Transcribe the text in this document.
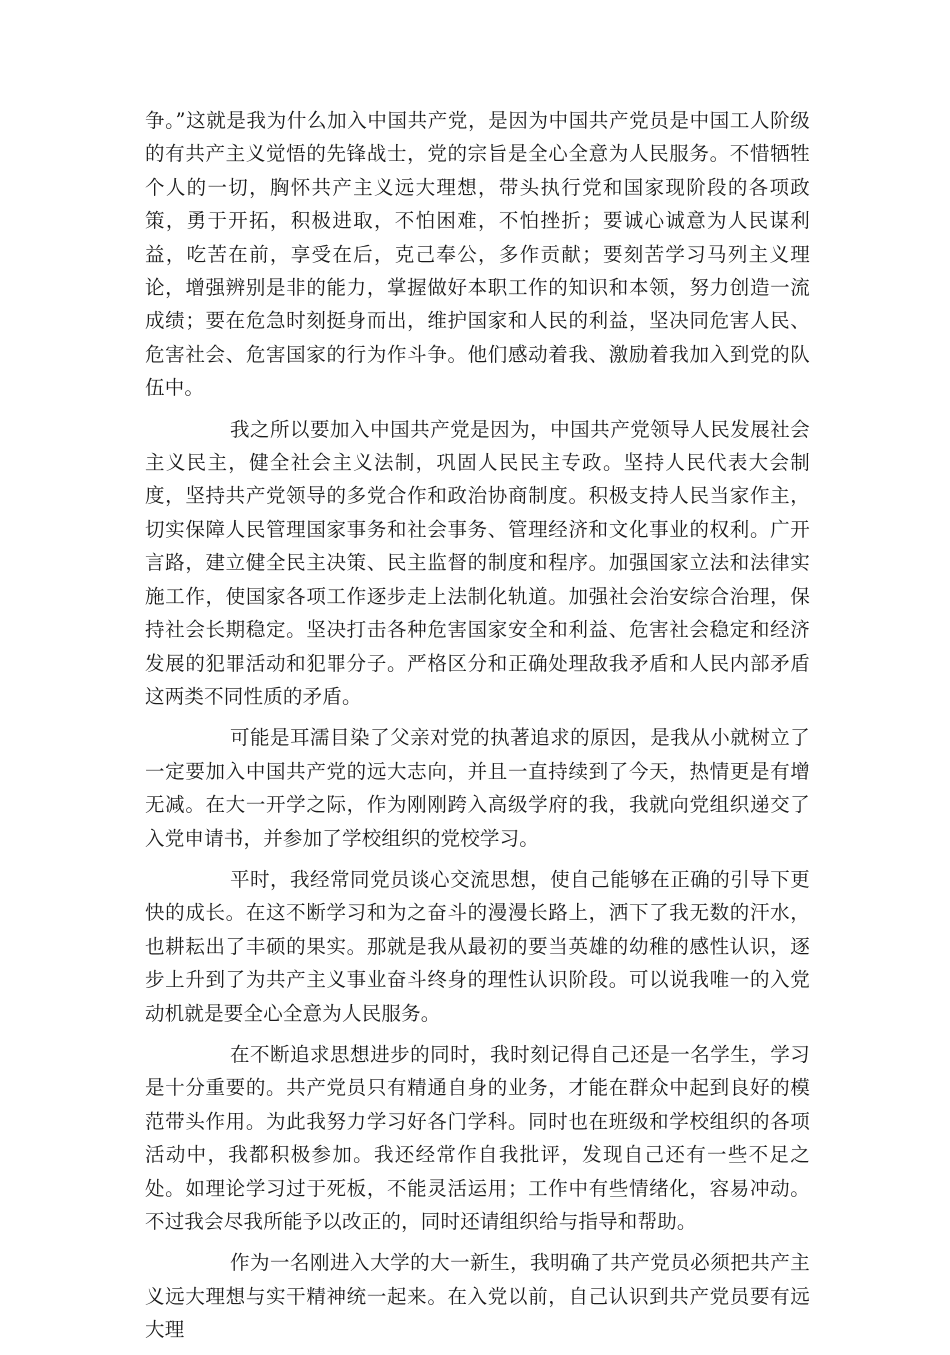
争。”这就是我为什么加入中国共产党，是因为中国共产党员是中国工人阶级的有共产主义觉悟的先锋战士，党的宗旨是全心全意为人民服务。不惜牺牲个人的一切，胸怀共产主义远大理想，带头执行党和国家现阶段的各项政策，勇于开拓，积极进取，不怕困难，不怕挫折；要诚心诚意为人民谋利益，吃苦在前，享受在后，克己奉公，多作贡献；要刻苦学习马列主义理论，增强辨别是非的能力，掌握做好本职工作的知识和本领，努力创造一流成绩；要在危急时刻挺身而出，维护国家和人民的利益，坚决同危害人民、危害社会、危害国家的行为作斗争。他们感动着我、激励着我加入到党的队伍中。

我之所以要加入中国共产党是因为，中国共产党领导人民发展社会主义民主，健全社会主义法制，巩固人民民主专政。坚持人民代表大会制度，坚持共产党领导的多党合作和政治协商制度。积极支持人民当家作主，切实保障人民管理国家事务和社会事务、管理经济和文化事业的权利。广开言路，建立健全民主决策、民主监督的制度和程序。加强国家立法和法律实施工作，使国家各项工作逐步走上法制化轨道。加强社会治安综合治理，保持社会长期稳定。坚决打击各种危害国家安全和利益、危害社会稳定和经济发展的犯罪活动和犯罪分子。严格区分和正确处理敌我矛盾和人民内部矛盾这两类不同性质的矛盾。

可能是耳濡目染了父亲对党的执著追求的原因，是我从小就树立了一定要加入中国共产党的远大志向，并且一直持续到了今天，热情更是有增无减。在大一开学之际，作为刚刚跨入高级学府的我，我就向党组织递交了入党申请书，并参加了学校组织的党校学习。

平时，我经常同党员谈心交流思想，使自己能够在正确的引导下更快的成长。在这不断学习和为之奋斗的漫漫长路上，洒下了我无数的汗水，也耕耘出了丰硕的果实。那就是我从最初的要当英雄的幼稚的感性认识，逐步上升到了为共产主义事业奋斗终身的理性认识阶段。可以说我唯一的入党动机就是要全心全意为人民服务。

在不断追求思想进步的同时，我时刻记得自己还是一名学生，学习是十分重要的。共产党员只有精通自身的业务，才能在群众中起到良好的模范带头作用。为此我努力学习好各门学科。同时也在班级和学校组织的各项活动中，我都积极参加。我还经常作自我批评，发现自己还有一些不足之处。如理论学习过于死板，不能灵活运用；工作中有些情绪化，容易冲动。不过我会尽我所能予以改正的，同时还请组织给与指导和帮助。

作为一名刚进入大学的大一新生，我明确了共产党员必须把共产主义远大理想与实干精神统一起来。在入党以前，自己认识到共产党员要有远大理
